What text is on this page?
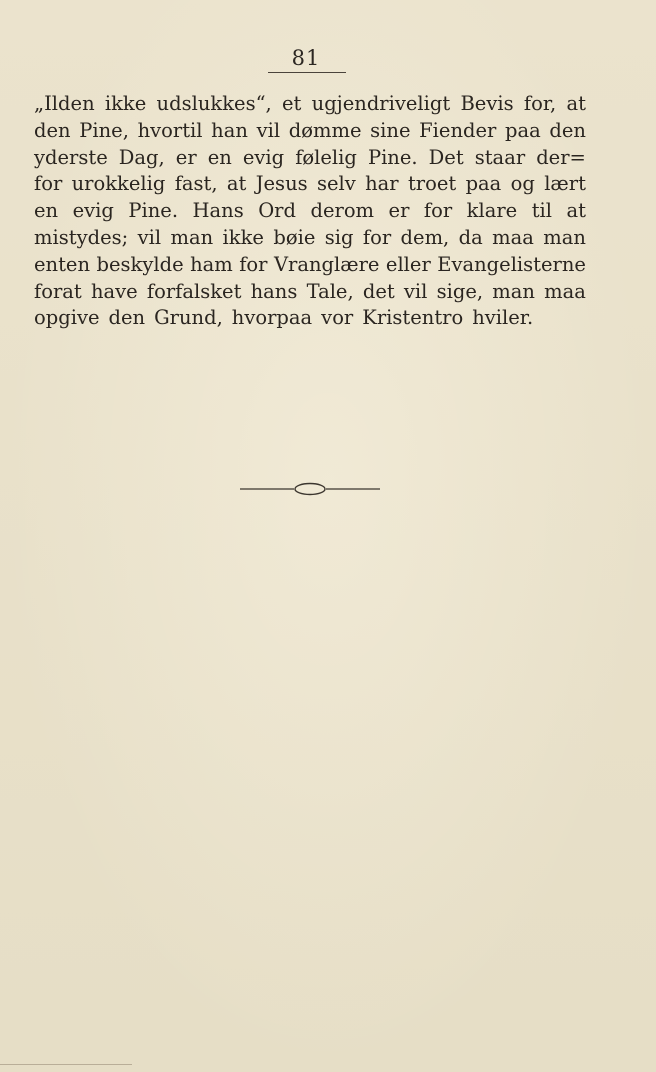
81
„Ilden ikke udslukkes“, et ugjendriveligt Bevis for, at
den Pine, hvortil han vil dømme sine Fiender paa den
yderste Dag, er en evig følelig Pine. Det staar der=
for urokkelig fast, at Jesus selv har troet paa og lært
en evig Pine. Hans Ord derom er for klare til at
mistydes; vil man ikke bøie sig for dem, da maa man
enten beskylde ham for Vranglære eller Evangelisterne
forat have forfalsket hans Tale, det vil sige, man maa
opgive den Grund, hvorpaa vor Kristentro hviler.
